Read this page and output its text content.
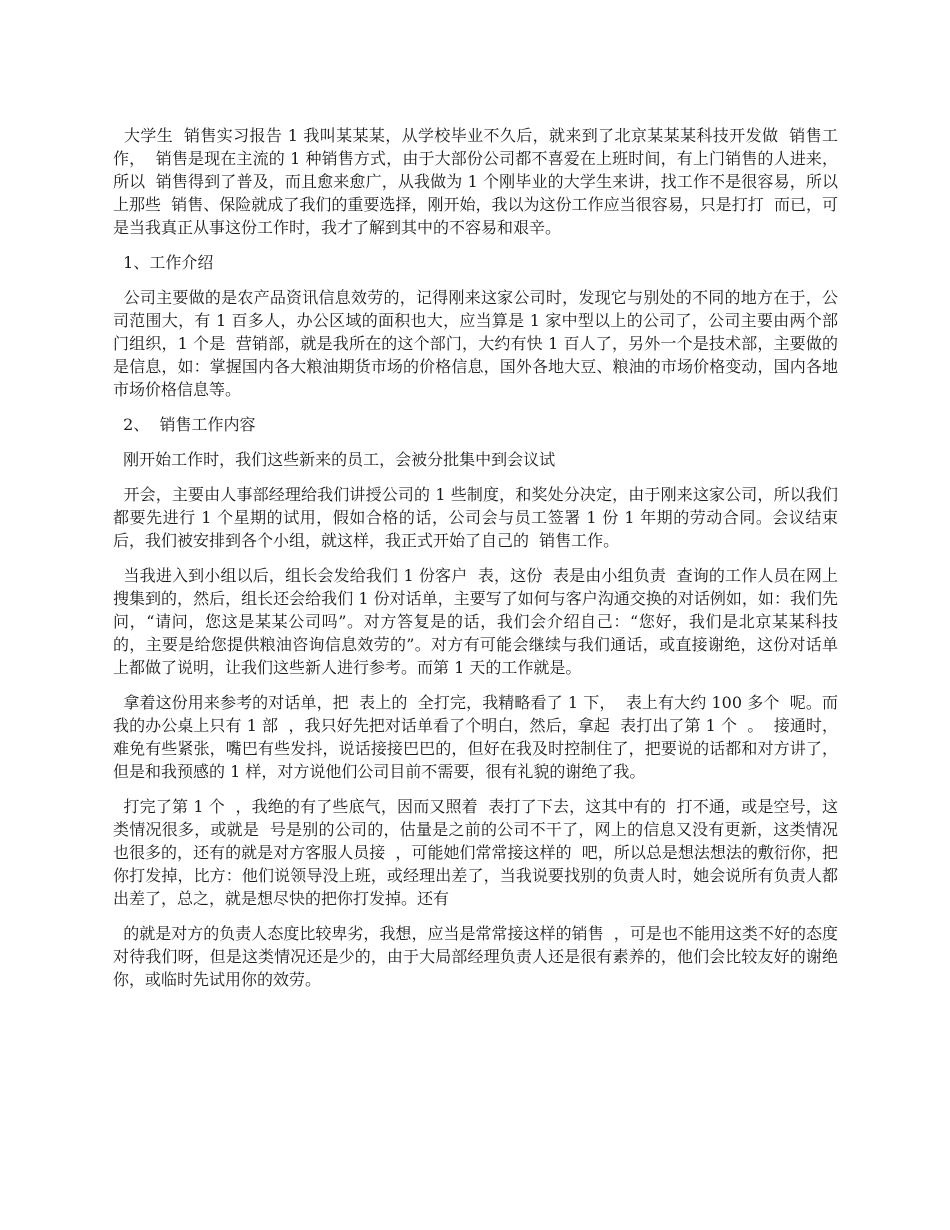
大学生  销售实习报告 1 我叫某某某，从学校毕业不久后，就来到了北京某某某科技开发做  销售工作，  销售是现在主流的 1 种销售方式，由于大部份公司都不喜爱在上班时间，有上门销售的人进来，所以  销售得到了普及，而且愈来愈广，从我做为 1 个刚毕业的大学生来讲，找工作不是很容易，所以上那些  销售、保险就成了我们的重要选择，刚开始，我以为这份工作应当很容易，只是打打  而已，可是当我真正从事这份工作时，我才了解到其中的不容易和艰辛。

1、工作介绍

公司主要做的是农产品资讯信息效劳的，记得刚来这家公司时，发现它与别处的不同的地方在于，公司范围大，有 1 百多人，办公区域的面积也大，应当算是 1 家中型以上的公司了，公司主要由两个部门组织，1 个是  营销部，就是我所在的这个部门，大约有快 1 百人了，另外一个是技术部，主要做的是信息，如：掌握国内各大粮油期货市场的价格信息，国外各地大豆、粮油的市场价格变动，国内各地市场价格信息等。

2、  销售工作内容

刚开始工作时，我们这些新来的员工，会被分批集中到会议试

开会，主要由人事部经理给我们讲授公司的 1 些制度，和奖处分决定，由于刚来这家公司，所以我们都要先进行 1 个星期的试用，假如合格的话，公司会与员工签署 1 份 1 年期的劳动合同。会议结束后，我们被安排到各个小组，就这样，我正式开始了自己的  销售工作。

当我进入到小组以后，组长会发给我们 1 份客户  表，这份  表是由小组负责  查询的工作人员在网上搜集到的，然后，组长还会给我们 1 份对话单，主要写了如何与客户沟通交换的对话例如，如：我们先问，“请问，您这是某某公司吗”。对方答复是的话，我们会介绍自己：“您好，我们是北京某某科技的，主要是给您提供粮油咨询信息效劳的”。对方有可能会继续与我们通话，或直接谢绝，这份对话单上都做了说明，让我们这些新人进行参考。而第 1 天的工作就是。

拿着这份用来参考的对话单，把  表上的  全打完，我精略看了 1 下，  表上有大约 100 多个  呢。而我的办公桌上只有 1 部  ，我只好先把对话单看了个明白，然后，拿起  表打出了第 1 个  。  接通时，难免有些紧张，嘴巴有些发抖，说话接接巴巴的，但好在我及时控制住了，把要说的话都和对方讲了，但是和我预感的 1 样，对方说他们公司目前不需要，很有礼貌的谢绝了我。

打完了第 1 个  ，我绝的有了些底气，因而又照着  表打了下去，这其中有的  打不通，或是空号，这类情况很多，或就是  号是别的公司的，估量是之前的公司不干了，网上的信息又没有更新，这类情况也很多的，还有的就是对方客服人员接  ，可能她们常常接这样的  吧，所以总是想法想法的敷衍你，把你打发掉，比方：他们说领导没上班，或经理出差了，当我说要找别的负责人时，她会说所有负责人都出差了，总之，就是想尽快的把你打发掉。还有

的就是对方的负责人态度比较卑劣，我想，应当是常常接这样的销售  ，可是也不能用这类不好的态度对待我们呀，但是这类情况还是少的，由于大局部经理负责人还是很有素养的，他们会比较友好的谢绝你，或临时先试用你的效劳。
